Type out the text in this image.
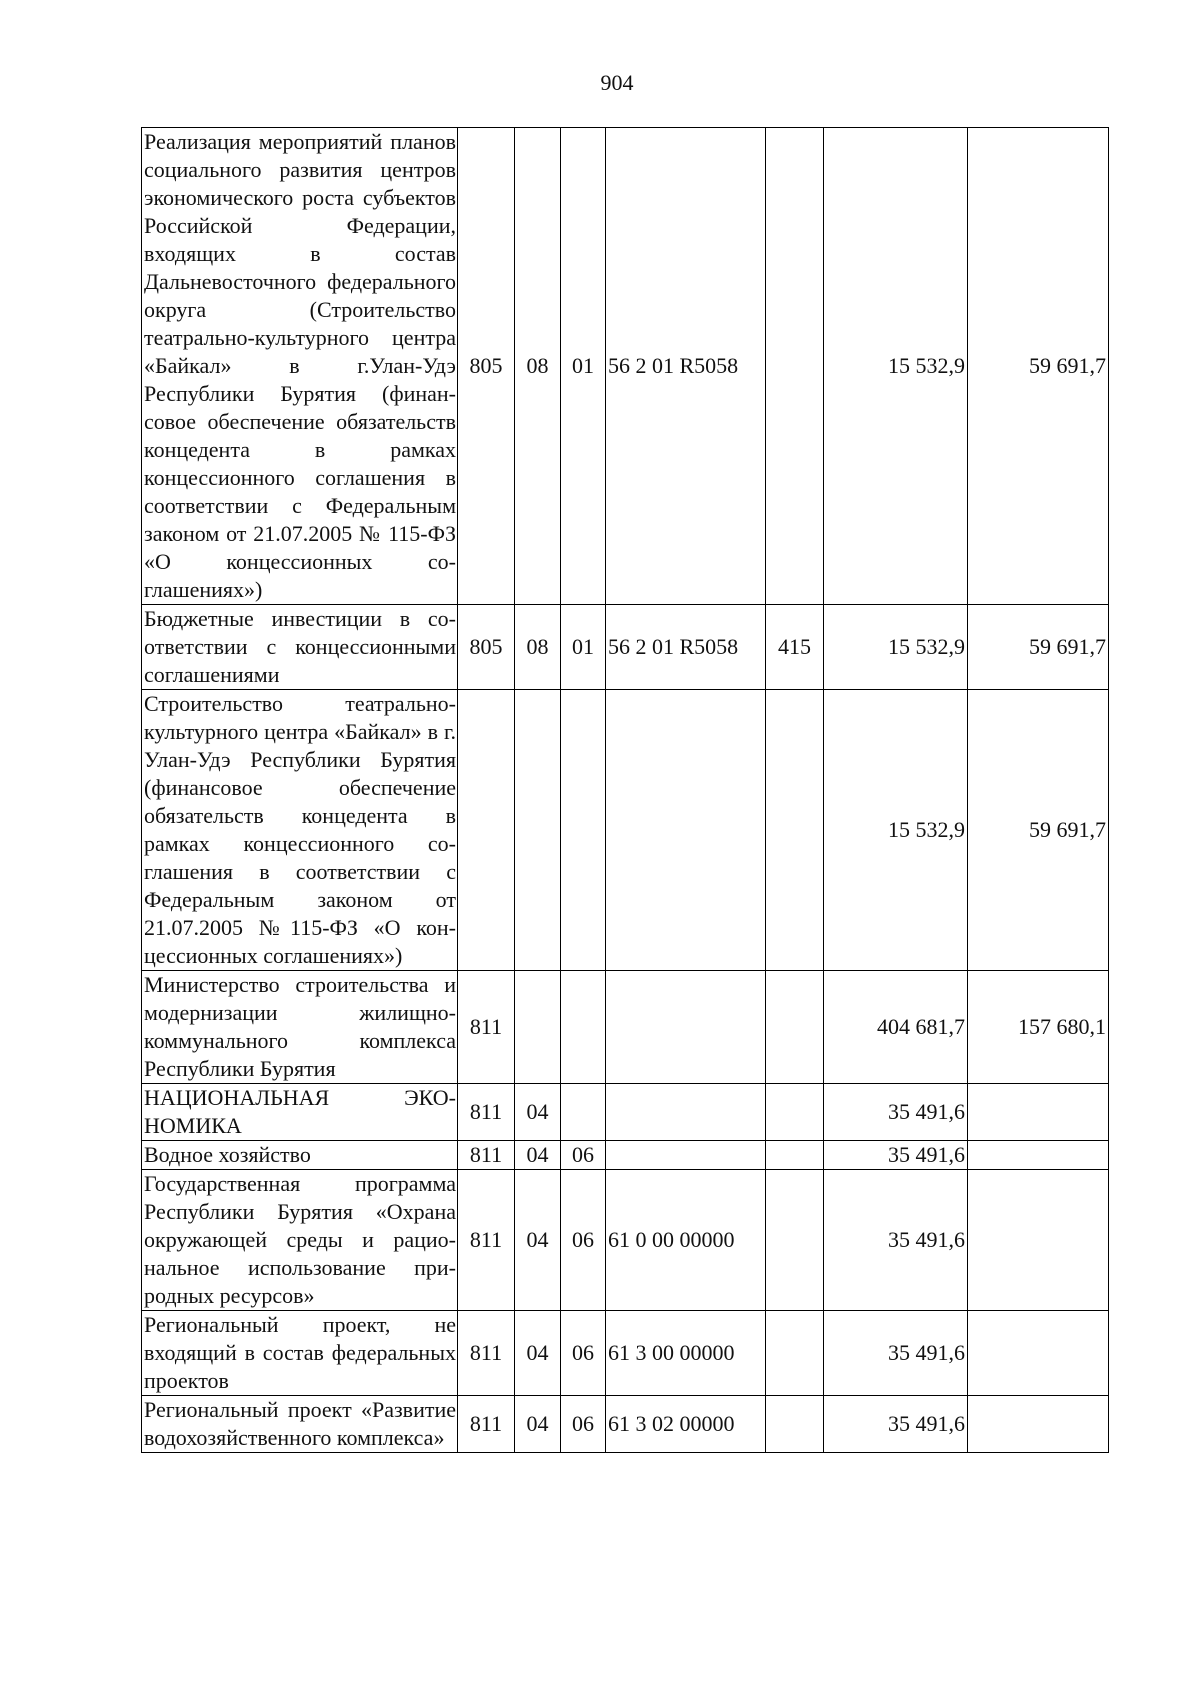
904
Реализация мероприятий планов социального развития центров экономического роста субъектов Российской Федерации, входящих в состав Дальневосточного федерального округа (Строительство театрально-культурного центра «Байкал» в г.Улан-Удэ Республики Бурятия (финансовое обеспечение обязательств концедента в рамках концессионного соглашения в соответствии с Федеральным законом от 21.07.2005 № 115-ФЗ «О концессионных соглашениях»)	805	08	01	56 2 01 R5058		15 532,9	59 691,7
Бюджетные инвестиции в соответствии с концессионными соглашениями	805	08	01	56 2 01 R5058	415	15 532,9	59 691,7
Строительство театрально-культурного центра «Байкал» в г. Улан-Удэ Республики Бурятия (финансовое обеспечение обязательств концедента в рамках концессионного соглашения в соответствии с Федеральным законом от 21.07.2005 №115-ФЗ «О концессионных соглашениях»)						15 532,9	59 691,7
Министерство строительства и модернизации жилищно-коммунального комплекса Республики Бурятия	811					404 681,7	157 680,1
НАЦИОНАЛЬНАЯ ЭКОНОМИКА	811	04				35 491,6	
Водное хозяйство	811	04	06			35 491,6	
Государственная программа Республики Бурятия «Охрана окружающей среды и рациональное использование природных ресурсов»	811	04	06	61 0 00 00000		35 491,6	
Региональный проект, не входящий в состав федеральных проектов	811	04	06	61 3 00 00000		35 491,6	
Региональный проект «Развитие водохозяйственного комплекса»	811	04	06	61 3 02 00000		35 491,6	
